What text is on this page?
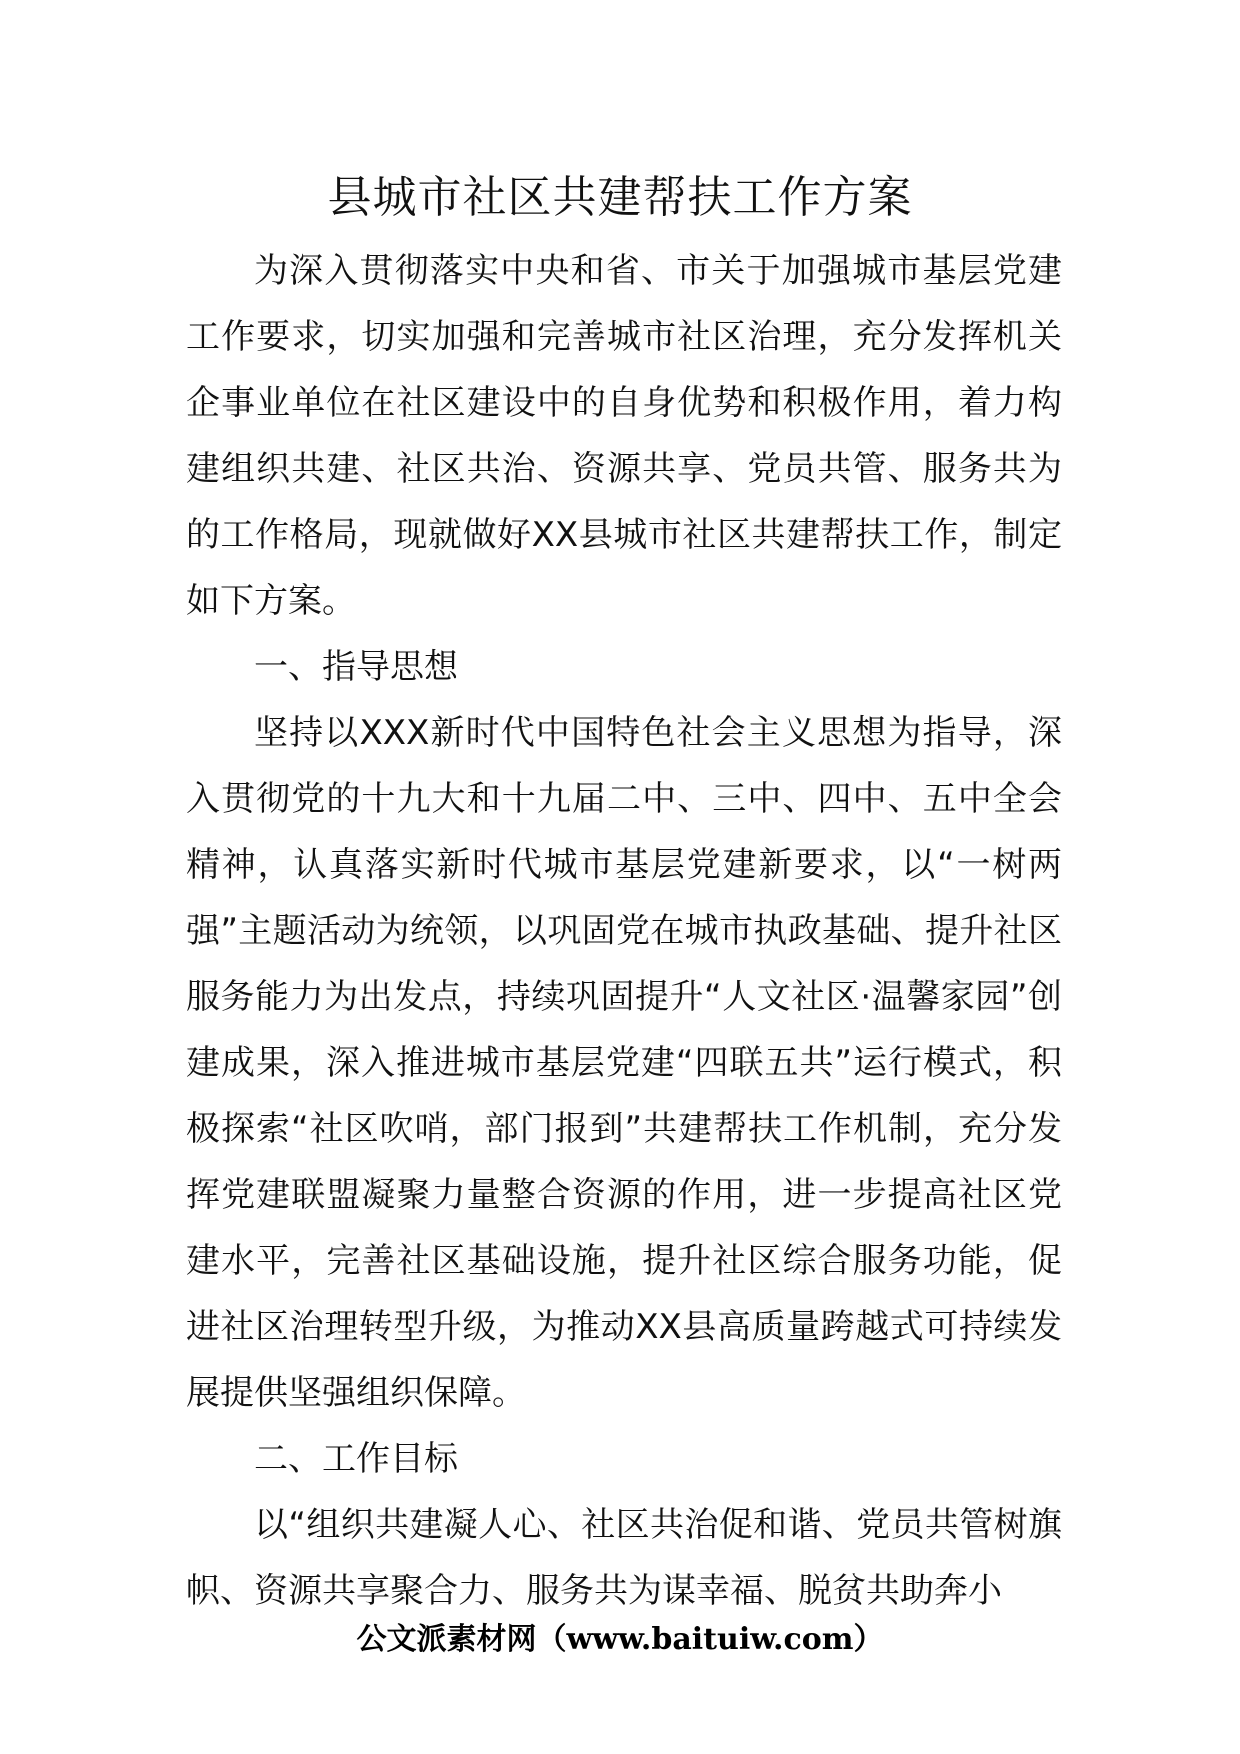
县城市社区共建帮扶工作方案

为深入贯彻落实中央和省、市关于加强城市基层党建工作要求，切实加强和完善城市社区治理，充分发挥机关企事业单位在社区建设中的自身优势和积极作用，着力构建组织共建、社区共治、资源共享、党员共管、服务共为的工作格局，现就做好XX县城市社区共建帮扶工作，制定如下方案。

一、指导思想

坚持以XXX新时代中国特色社会主义思想为指导，深入贯彻党的十九大和十九届二中、三中、四中、五中全会精神，认真落实新时代城市基层党建新要求，以“一树两强”主题活动为统领，以巩固党在城市执政基础、提升社区服务能力为出发点，持续巩固提升“人文社区·温馨家园”创建成果，深入推进城市基层党建“四联五共”运行模式，积极探索“社区吹哨，部门报到”共建帮扶工作机制，充分发挥党建联盟凝聚力量整合资源的作用，进一步提高社区党建水平，完善社区基础设施，提升社区综合服务功能，促进社区治理转型升级，为推动XX县高质量跨越式可持续发展提供坚强组织保障。

二、工作目标

以“组织共建凝人心、社区共治促和谐、党员共管树旗帜、资源共享聚合力、服务共为谋幸福、脱贫共助奔小

公文派素材网（www.baituiw.com）
